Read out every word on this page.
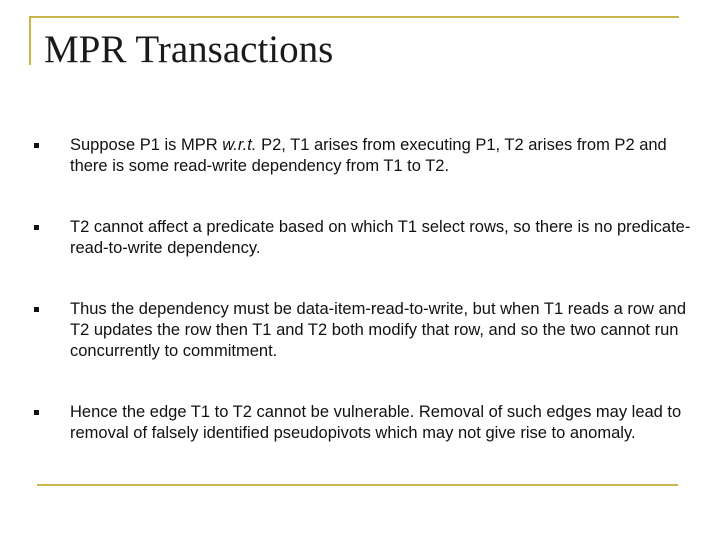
MPR Transactions
Suppose P1 is MPR w.r.t. P2, T1 arises from executing P1, T2 arises from P2 and there is some read-write dependency from T1 to T2.
T2 cannot affect a predicate based on which T1 select rows, so there is no predicate-read-to-write dependency.
Thus the dependency must be data-item-read-to-write, but when T1 reads a row and T2 updates the row then T1 and T2 both modify that row, and so the two cannot run concurrently to commitment.
Hence the edge T1 to T2 cannot be vulnerable. Removal of such edges may lead to removal of falsely identified pseudopivots which may not give rise to anomaly.
